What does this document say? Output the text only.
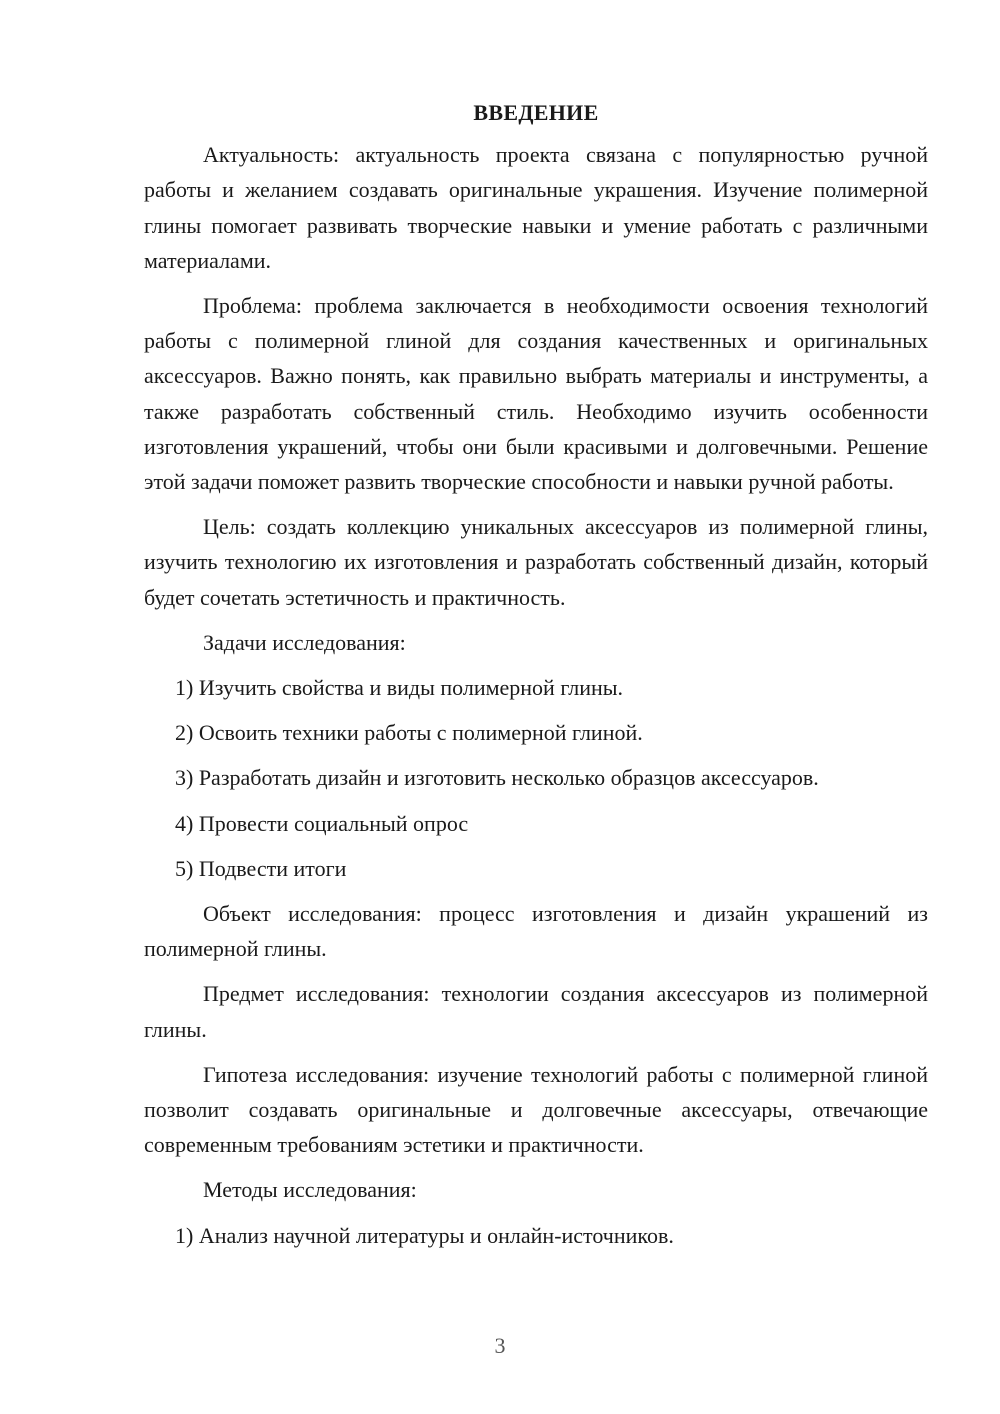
ВВЕДЕНИЕ

Актуальность: актуальность проекта связана с популярностью ручной работы и желанием создавать оригинальные украшения. Изучение полимерной глины помогает развивать творческие навыки и умение работать с различными материалами.

Проблема: проблема заключается в необходимости освоения технологий работы с полимерной глиной для создания качественных и оригинальных аксессуаров. Важно понять, как правильно выбрать материалы и инструменты, а также разработать собственный стиль. Необходимо изучить особенности изготовления украшений, чтобы они были красивыми и долговечными. Решение этой задачи поможет развить творческие способности и навыки ручной работы.

Цель: создать коллекцию уникальных аксессуаров из полимерной глины, изучить технологию их изготовления и разработать собственный дизайн, который будет сочетать эстетичность и практичность.

Задачи исследования:

1) Изучить свойства и виды полимерной глины.
2) Освоить техники работы с полимерной глиной.
3) Разработать дизайн и изготовить несколько образцов аксессуаров.
4) Провести социальный опрос
5) Подвести итоги

Объект исследования: процесс изготовления и дизайн украшений из полимерной глины.

Предмет исследования: технологии создания аксессуаров из полимерной глины.

Гипотеза исследования: изучение технологий работы с полимерной глиной позволит создавать оригинальные и долговечные аксессуары, отвечающие современным требованиям эстетики и практичности.

Методы исследования:

1) Анализ научной литературы и онлайн-источников.
3
